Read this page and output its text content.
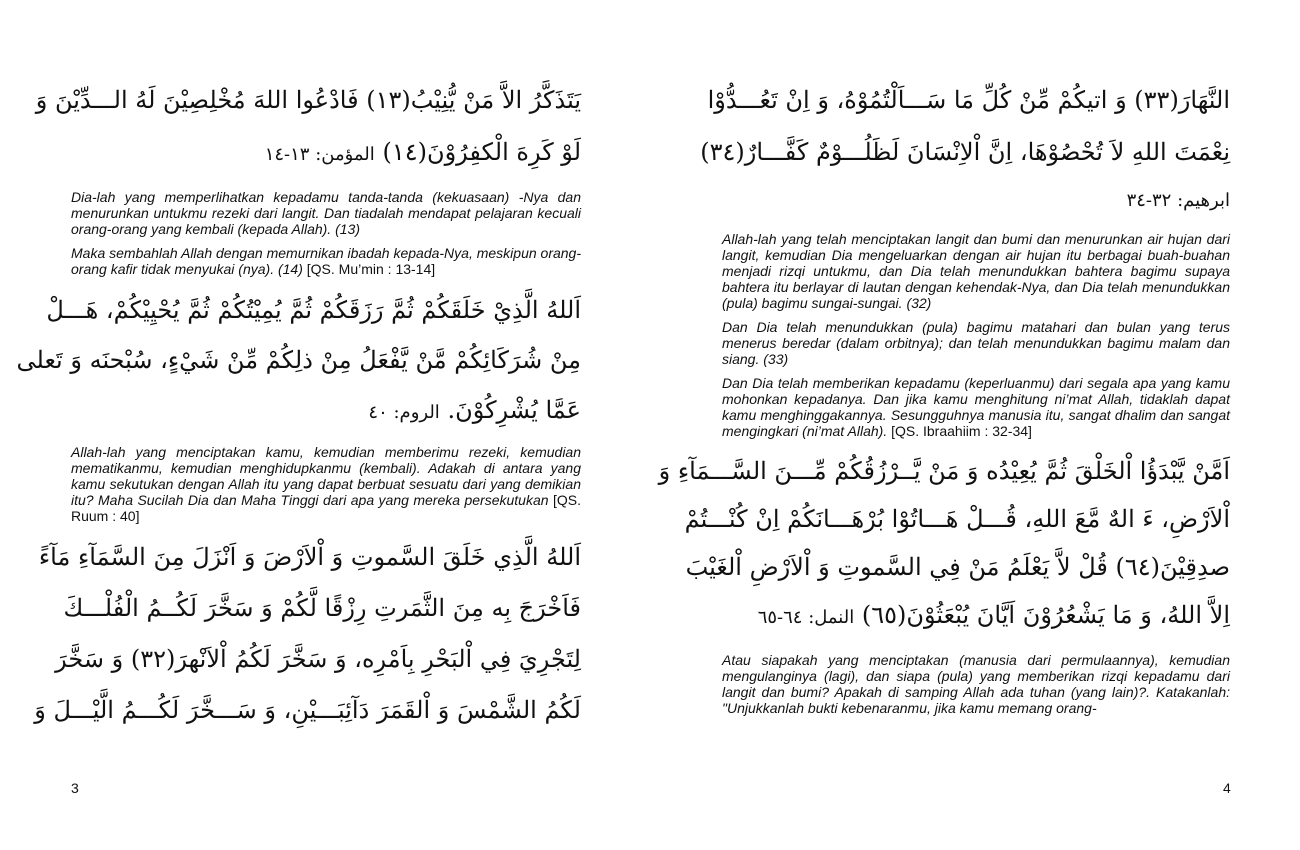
يَتَذَكَّرُ الاَّ مَنْ يُّنِيْبُ(١٣) فَادْعُوا اللهَ مُخْلِصِيْنَ لَهُ الـــدِّيْنَ وَ
لَوْ كَرِهَ الْكفِرُوْنَ(١٤) المؤمن: ١٣-١٤

Dia-lah yang memperlihatkan kepadamu tanda-tanda (kekuasaan) -Nya dan menurunkan untukmu rezeki dari langit. Dan tiadalah mendapat pelajaran kecuali orang-orang yang kembali (kepada Allah). (13)

Maka sembahlah Allah dengan memurnikan ibadah kepada-Nya, meskipun orang-orang kafir tidak menyukai (nya). (14) [QS. Mu’min : 13-14]

اَللهُ الَّذِيْ خَلَقَكُمْ ثُمَّ رَزَقَكُمْ ثُمَّ يُمِيْتُكُمْ ثُمَّ يُحْيِيْكُمْ، هَـــلْ
مِنْ شُرَكَائِكُمْ مَّنْ يَّفْعَلُ مِنْ ذلِكُمْ مِّنْ شَيْءٍ، سُبْحنَه وَ تَعلى
عَمَّا يُشْرِكُوْنَ. الروم: ٤٠

Allah-lah yang menciptakan kamu, kemudian memberimu rezeki, kemudian mematikanmu, kemudian menghidupkanmu (kembali). Adakah di antara yang kamu sekutukan dengan Allah itu yang dapat berbuat sesuatu dari yang demikian itu? Maha Sucilah Dia dan Maha Tinggi dari apa yang mereka persekutukan [QS. Ruum : 40]

اَللهُ الَّذِي خَلَقَ السَّموتِ وَ اْلاَرْضَ وَ اَنْزَلَ مِنَ السَّمَآءِ مَآءً
فَاَخْرَجَ بِه مِنَ الثَّمَرتِ رِزْقًا لَّكُمْ وَ سَخَّرَ لَكُــمُ الْفُلْـــكَ
لِتَجْرِيَ فِي اْلبَحْرِ بِاَمْرِه، وَ سَخَّرَ لَكُمُ اْلاَنْهرَ(٣٢) وَ سَخَّرَ
لَكُمُ الشَّمْسَ وَ اْلقَمَرَ دَآئِبَـــيْنِ، وَ سَـــخَّرَ لَكُـــمُ الَّيْـــلَ وَ
3
النَّهَارَ(٣٣) وَ اتيكُمْ مِّنْ كُلِّ مَا سَـــاَلْتُمُوْهُ، وَ اِنْ تَعُـــدُّوْا
نِعْمَتَ اللهِ لاَ تُحْصُوْهَا، اِنَّ اْلاِنْسَانَ لَظَلُـــوْمٌ كَفَّـــارٌ(٣٤)
ابرهيم: ٣٢-٣٤

Allah-lah yang telah menciptakan langit dan bumi dan menurunkan air hujan dari langit, kemudian Dia mengeluarkan dengan air hujan itu berbagai buah-buahan menjadi rizqi untukmu, dan Dia telah menundukkan bahtera bagimu supaya bahtera itu berlayar di lautan dengan kehendak-Nya, dan Dia telah menundukkan (pula) bagimu sungai-sungai. (32)

Dan Dia telah menundukkan (pula) bagimu matahari dan bulan yang terus menerus beredar (dalam orbitnya); dan telah menundukkan bagimu malam dan siang. (33)

Dan Dia telah memberikan kepadamu (keperluanmu) dari segala apa yang kamu mohonkan kepadanya. Dan jika kamu menghitung ni’mat Allah, tidaklah dapat kamu menghinggakannya. Sesungguhnya manusia itu, sangat dhalim dan sangat mengingkari (ni’mat Allah). [QS. Ibraahiim : 32-34]

اَمَّنْ يَّبْدَؤُا اْلخَلْقَ ثُمَّ يُعِيْدُه وَ مَنْ يَّــرْزُقُكُمْ مِّـــنَ السَّـــمَآءِ وَ
اْلاَرْضِ، ءَ الهٌ مَّعَ اللهِ، قُـــلْ هَـــاتُوْا بُرْهَـــانَكُمْ اِنْ كُنْـــتُمْ
صدِقِيْنَ(٦٤) قُلْ لاَّ يَعْلَمُ مَنْ فِي السَّموتِ وَ اْلاَرْضِ اْلغَيْبَ
اِلاَّ اللهُ، وَ مَا يَشْعُرُوْنَ اَيَّانَ يُبْعَثُوْنَ(٦٥) النمل: ٦٤-٦٥

Atau siapakah yang menciptakan (manusia dari permulaannya), kemudian mengulanginya (lagi), dan siapa (pula) yang memberikan rizqi kepadamu dari langit dan bumi? Apakah di samping Allah ada tuhan (yang lain)?. Katakanlah: "Unjukkanlah bukti kebenaranmu, jika kamu memang orang-

4
